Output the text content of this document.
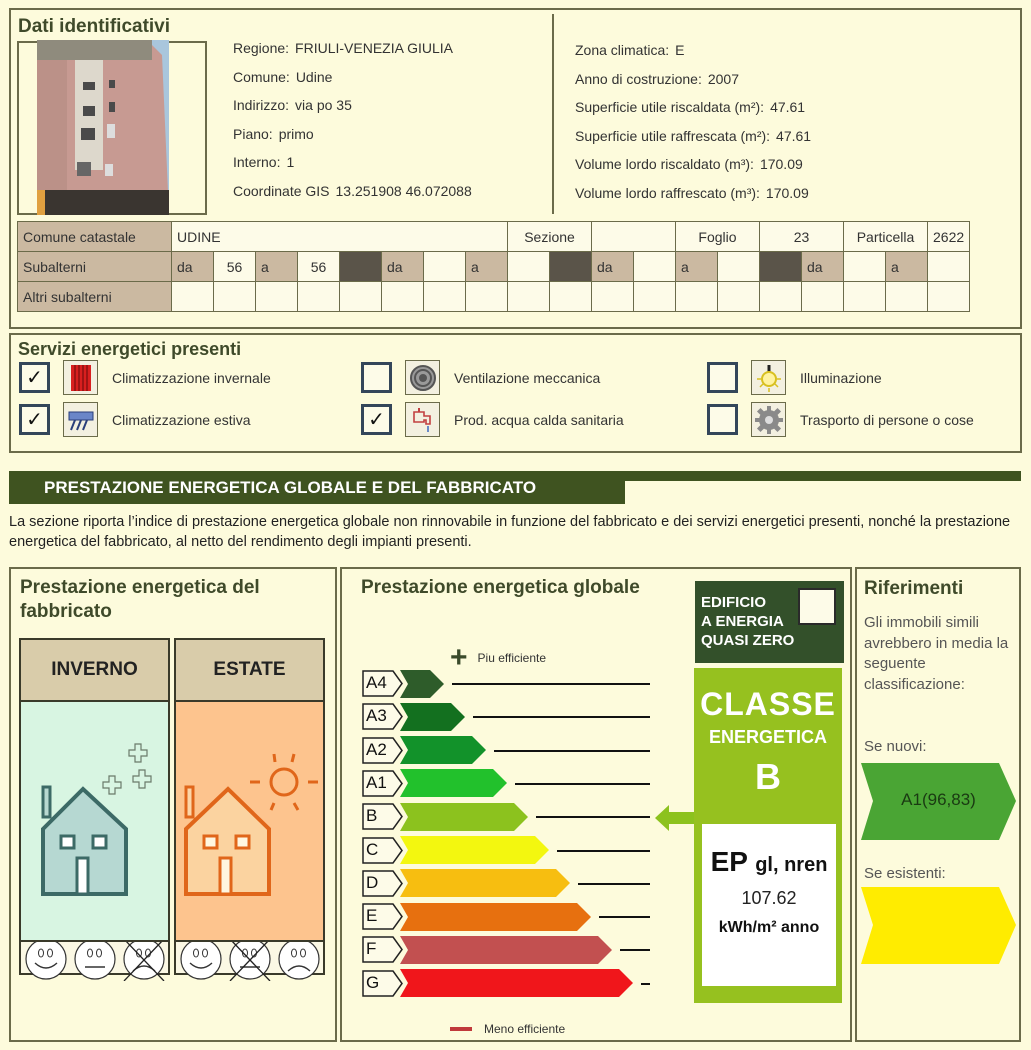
Dati identificativi
Regione: FRIULI-VENEZIA GIULIA
Comune: Udine
Indirizzo: via po 35
Piano: primo
Interno: 1
Coordinate GIS 13.251908 46.072088
Zona climatica: E
Anno di costruzione: 2007
Superficie utile riscaldata (m²): 47.61
Superficie utile raffrescata (m²): 47.61
Volume lordo riscaldato (m³): 170.09
Volume lordo raffrescato (m³): 170.09
Comune catastale	UDINE								Sezione				Foglio		23		Particella		2622
Subalterni	da	56	a	56		da		a			da		a			da		a	
Altri subalterni																			
Servizi energetici presenti
✓	Climatizzazione invernale
✓	Climatizzazione estiva
Ventilazione meccanica
✓	Prod. acqua calda sanitaria
Illuminazione
Trasporto di persone o cose
PRESTAZIONE ENERGETICA GLOBALE E DEL FABBRICATO
La sezione riporta l’indice di prestazione energetica globale non rinnovabile in funzione del fabbricato e dei servizi energetici presenti, nonché la prestazione energetica del fabbricato, al netto del rendimento degli impianti presenti.
Prestazione energetica del fabbricato
INVERNO	ESTATE
Prestazione energetica globale
+ Piu efficiente
A4
A3
A2
A1
B
C
D
E
F
G
Meno efficiente
EDIFICIO
A ENERGIA
QUASI ZERO
CLASSE
ENERGETICA
B
EP gl, nren
107.62
kWh/m² anno
Riferimenti
Gli immobili simili avrebbero in media la seguente classificazione:
Se nuovi:
Se esistenti:
A1(96,83)
